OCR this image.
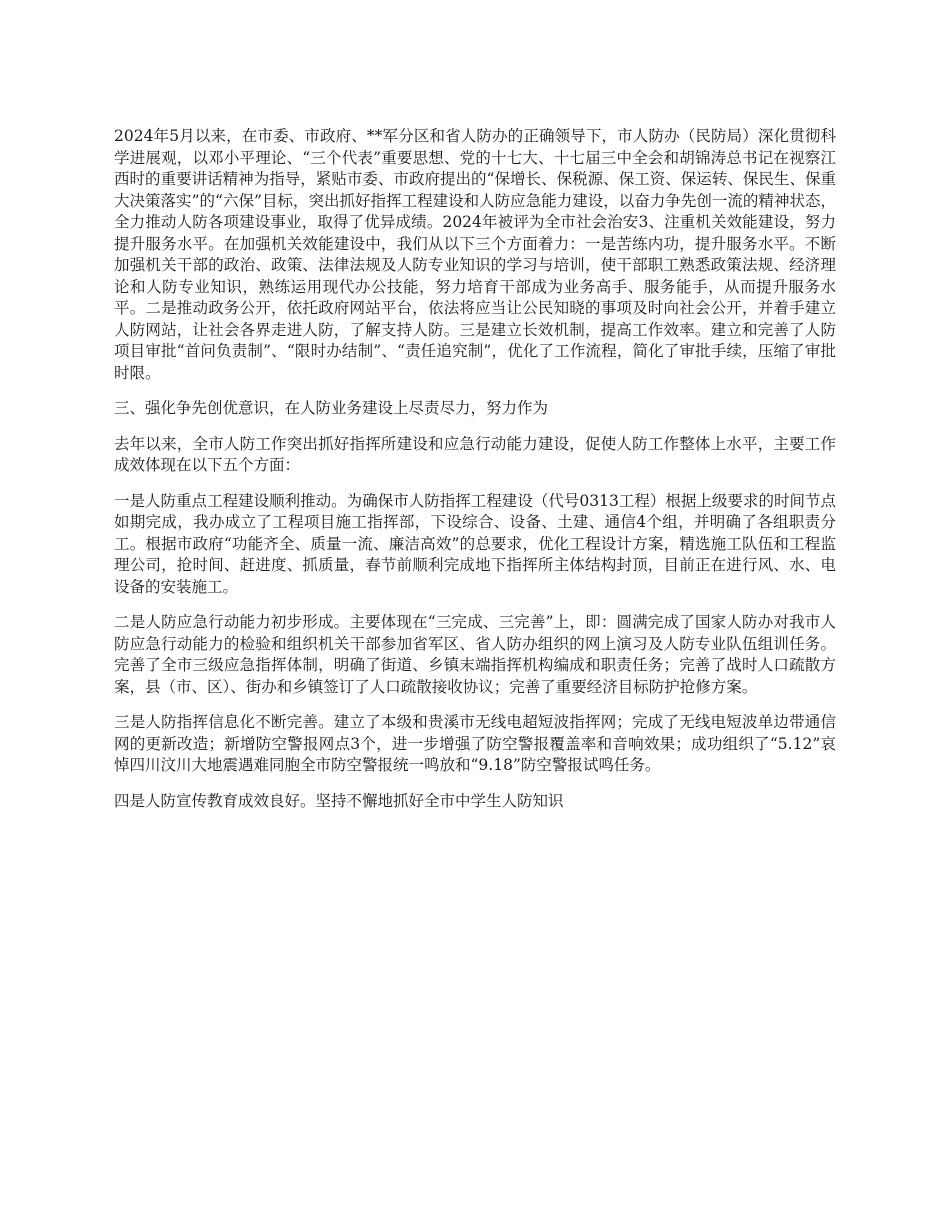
2024年5月以来，在市委、市政府、**军分区和省人防办的正确领导下，市人防办（民防局）深化贯彻科学进展观，以邓小平理论、“三个代表”重要思想、党的十七大、十七届三中全会和胡锦涛总书记在视察江西时的重要讲话精神为指导，紧贴市委、市政府提出的“保增长、保税源、保工资、保运转、保民生、保重大决策落实”的“六保”目标，突出抓好指挥工程建设和人防应急能力建设，以奋力争先创一流的精神状态，全力推动人防各项建设事业，取得了优异成绩。2024年被评为全市社会治安3、注重机关效能建设，努力提升服务水平。在加强机关效能建设中，我们从以下三个方面着力：一是苦练内功，提升服务水平。不断加强机关干部的政治、政策、法律法规及人防专业知识的学习与培训，使干部职工熟悉政策法规、经济理论和人防专业知识，熟练运用现代办公技能，努力培育干部成为业务高手、服务能手，从而提升服务水平。二是推动政务公开，依托政府网站平台，依法将应当让公民知晓的事项及时向社会公开，并着手建立人防网站，让社会各界走进人防，了解支持人防。三是建立长效机制，提高工作效率。建立和完善了人防项目审批“首问负责制”、“限时办结制”、“责任追究制”，优化了工作流程，简化了审批手续，压缩了审批时限。

三、强化争先创优意识，在人防业务建设上尽责尽力，努力作为

去年以来，全市人防工作突出抓好指挥所建设和应急行动能力建设，促使人防工作整体上水平，主要工作成效体现在以下五个方面：

一是人防重点工程建设顺利推动。为确保市人防指挥工程建设（代号0313工程）根据上级要求的时间节点如期完成，我办成立了工程项目施工指挥部，下设综合、设备、土建、通信4个组，并明确了各组职责分工。根据市政府“功能齐全、质量一流、廉洁高效”的总要求，优化工程设计方案，精选施工队伍和工程监理公司，抢时间、赶进度、抓质量，春节前顺利完成地下指挥所主体结构封顶，目前正在进行风、水、电设备的安装施工。

二是人防应急行动能力初步形成。主要体现在“三完成、三完善”上，即：圆满完成了国家人防办对我市人防应急行动能力的检验和组织机关干部参加省军区、省人防办组织的网上演习及人防专业队伍组训任务。完善了全市三级应急指挥体制，明确了街道、乡镇末端指挥机构编成和职责任务；完善了战时人口疏散方案，县（市、区）、街办和乡镇签订了人口疏散接收协议；完善了重要经济目标防护抢修方案。

三是人防指挥信息化不断完善。建立了本级和贵溪市无线电超短波指挥网；完成了无线电短波单边带通信网的更新改造；新增防空警报网点3个，进一步增强了防空警报覆盖率和音响效果；成功组织了“5.12”哀悼四川汶川大地震遇难同胞全市防空警报统一鸣放和“9.18”防空警报试鸣任务。

四是人防宣传教育成效良好。坚持不懈地抓好全市中学生人防知识
